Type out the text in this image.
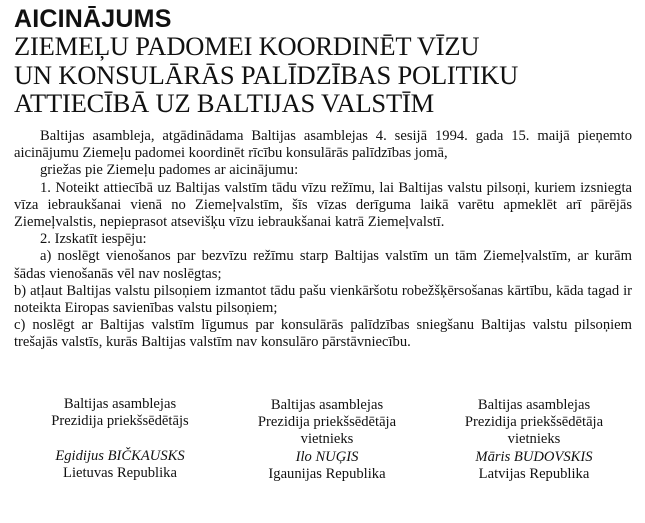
AICINĀJUMS
ZIEMEĻU PADOMEI KOORDINĒT VĪZU
UN KONSULĀRĀS PALĪDZĪBAS POLITIKU
ATTIECĪBĀ UZ BALTIJAS VALSTĪM

Baltijas asambleja, atgādinādama Baltijas asamblejas 4. sesijā 1994. gada 15. maijā pieņemto aicinājumu Ziemeļu padomei koordinēt rīcību konsulārās palīdzības jomā,

griežas pie Ziemeļu padomes ar aicinājumu:

1. Noteikt attiecībā uz Baltijas valstīm tādu vīzu režīmu, lai Baltijas valstu pilsoņi, kuriem izsniegta vīza iebraukšanai vienā no Ziemeļvalstīm, šīs vīzas derīguma laikā varētu apmeklēt arī pārējās Ziemeļvalstis, nepieprasot atsevišķu vīzu iebraukšanai katrā Ziemeļvalstī.

2. Izskatīt iespēju:

a) noslēgt vienošanos par bezvīzu režīmu starp Baltijas valstīm un tām Ziemeļvalstīm, ar kurām šādas vienošanās vēl nav noslēgtas;

b) atļaut Baltijas valstu pilsoņiem izmantot tādu pašu vienkāršotu robežšķērsošanas kārtību, kāda tagad ir noteikta Eiropas savienības valstu pilsoņiem;

c) noslēgt ar Baltijas valstīm līgumus par konsulārās palīdzības sniegšanu Baltijas valstu pilsoņiem trešajās valstīs, kurās Baltijas valstīm nav konsulāro pārstāvniecību.

Baltijas asamblejas
Prezidija priekšsēdētājs
Egidijus BIČKAUSKS
Lietuvas Republika
Baltijas asamblejas
Prezidija priekšsēdētāja
vietnieks
Ilo NUĢIS
Igaunijas Republika
Baltijas asamblejas
Prezidija priekšsēdētāja
vietnieks
Māris BUDOVSKIS
Latvijas Republika
